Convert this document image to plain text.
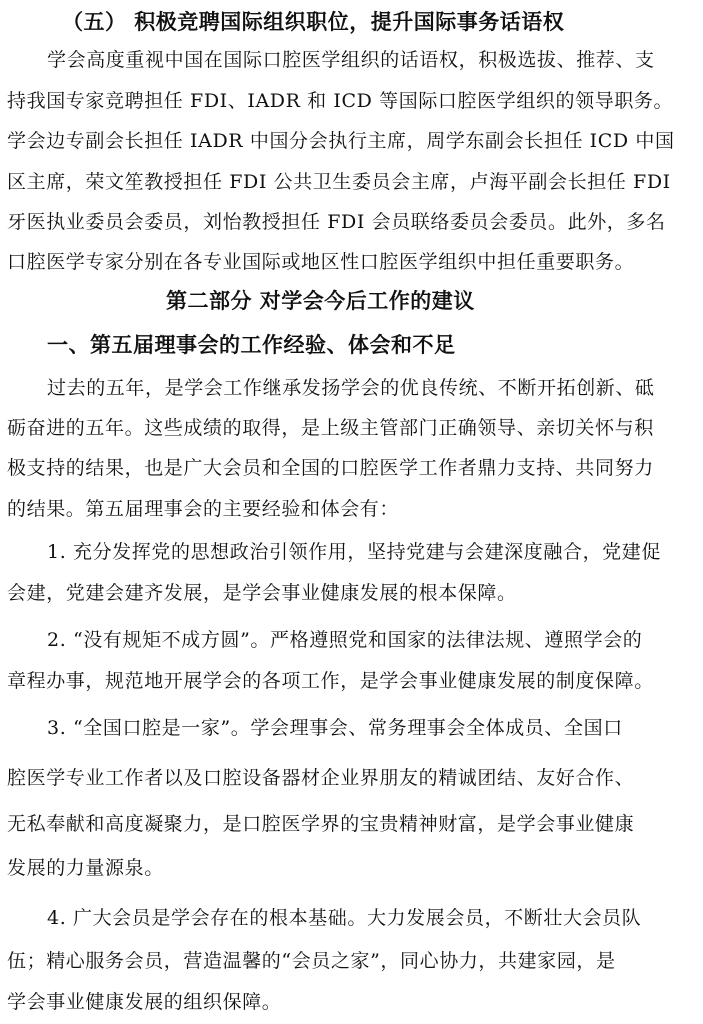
（五） 积极竞聘国际组织职位，提升国际事务话语权
学会高度重视中国在国际口腔医学组织的话语权，积极选拔、推荐、支
持我国专家竞聘担任 FDI、IADR 和 ICD 等国际口腔医学组织的领导职务。
学会边专副会长担任 IADR 中国分会执行主席，周学东副会长担任 ICD 中国
区主席，荣文笙教授担任 FDI 公共卫生委员会主席，卢海平副会长担任 FDI
牙医执业委员会委员，刘怡教授担任 FDI 会员联络委员会委员。此外，多名
口腔医学专家分别在各专业国际或地区性口腔医学组织中担任重要职务。
第二部分 对学会今后工作的建议
一、第五届理事会的工作经验、体会和不足
过去的五年，是学会工作继承发扬学会的优良传统、不断开拓创新、砥
砺奋进的五年。这些成绩的取得，是上级主管部门正确领导、亲切关怀与积
极支持的结果，也是广大会员和全国的口腔医学工作者鼎力支持、共同努力
的结果。第五届理事会的主要经验和体会有：
1. 充分发挥党的思想政治引领作用，坚持党建与会建深度融合，党建促
会建，党建会建齐发展，是学会事业健康发展的根本保障。
2. “没有规矩不成方圆”。严格遵照党和国家的法律法规、遵照学会的
章程办事，规范地开展学会的各项工作，是学会事业健康发展的制度保障。
3. “全国口腔是一家”。学会理事会、常务理事会全体成员、全国口
腔医学专业工作者以及口腔设备器材企业界朋友的精诚团结、友好合作、
无私奉献和高度凝聚力，是口腔医学界的宝贵精神财富，是学会事业健康
发展的力量源泉。
4. 广大会员是学会存在的根本基础。大力发展会员，不断壮大会员队
伍；精心服务会员，营造温馨的“会员之家”，同心协力，共建家园，是
学会事业健康发展的组织保障。
